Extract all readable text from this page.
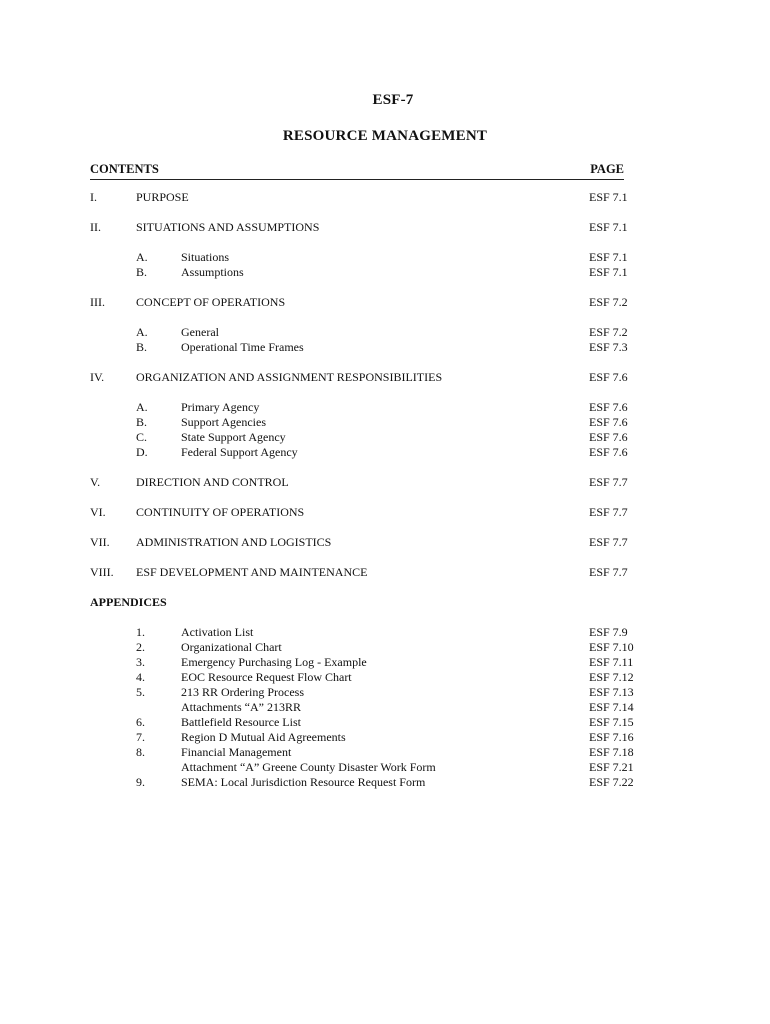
ESF-7
RESOURCE MANAGEMENT
CONTENTS	PAGE
I.	PURPOSE	ESF 7.1
II.	SITUATIONS AND ASSUMPTIONS	ESF 7.1
A.	Situations	ESF 7.1
B.	Assumptions	ESF 7.1
III.	CONCEPT OF OPERATIONS	ESF 7.2
A.	General	ESF 7.2
B.	Operational Time Frames	ESF 7.3
IV.	ORGANIZATION AND ASSIGNMENT RESPONSIBILITIES	ESF 7.6
A.	Primary Agency	ESF 7.6
B.	Support Agencies	ESF 7.6
C.	State Support Agency	ESF 7.6
D.	Federal Support Agency	ESF 7.6
V.	DIRECTION AND CONTROL	ESF 7.7
VI.	CONTINUITY OF OPERATIONS	ESF 7.7
VII. ADMINISTRATION AND LOGISTICS	ESF 7.7
VIII. ESF DEVELOPMENT AND MAINTENANCE	ESF 7.7
APPENDICES
1.	Activation List	ESF 7.9
2.	Organizational Chart	ESF 7.10
3.	Emergency Purchasing Log - Example	ESF 7.11
4.	EOC Resource Request Flow Chart	ESF 7.12
5.	213 RR Ordering Process	ESF 7.13
Attachments “A” 213RR	ESF 7.14
6.	Battlefield Resource List	ESF 7.15
7.	Region D Mutual Aid Agreements	ESF 7.16
8.	Financial Management	ESF 7.18
Attachment “A” Greene County Disaster Work Form	ESF 7.21
9.	SEMA: Local Jurisdiction Resource Request Form	ESF 7.22
